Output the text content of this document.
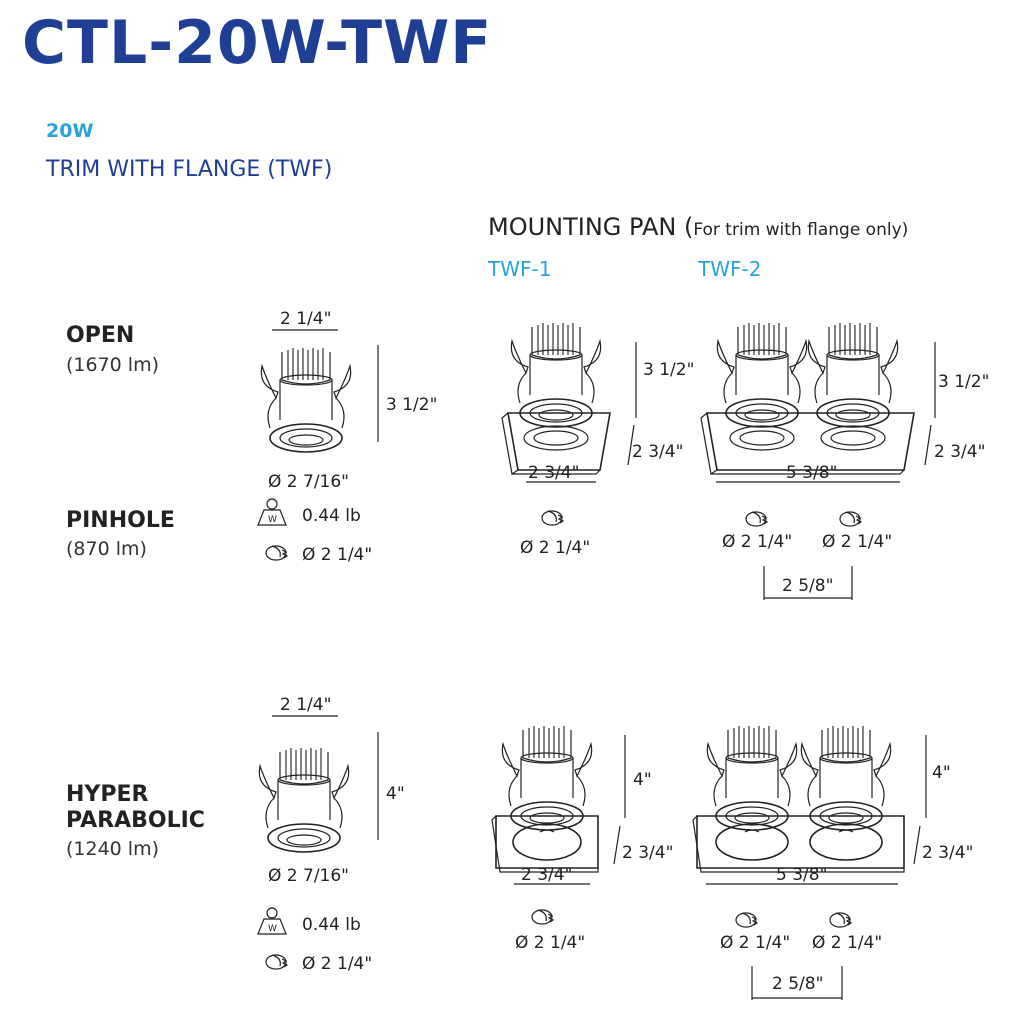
CTL-20W-TWF
20W
TRIM WITH FLANGE (TWF)
MOUNTING PAN (For trim with flange only)
TWF-1	TWF-2
OPEN
(1670 lm)
PINHOLE
(870 lm)
HYPER
PARABOLIC
(1240 lm)
2 1/4"
3 1/2"
Ø 2 7/16"
0.44 lb
Ø 2 1/4"
3 1/2"
2 3/4"
2 3/4"
Ø 2 1/4"
3 1/2"
2 3/4"
5 3/8"
Ø 2 1/4" Ø 2 1/4"
2 5/8"
2 1/4"
4"
Ø 2 7/16"
0.44 lb
Ø 2 1/4"
4"
2 3/4"
2 3/4"
Ø 2 1/4"
4"
2 3/4"
5 3/8"
Ø 2 1/4" Ø 2 1/4"
2 5/8"
W
W
